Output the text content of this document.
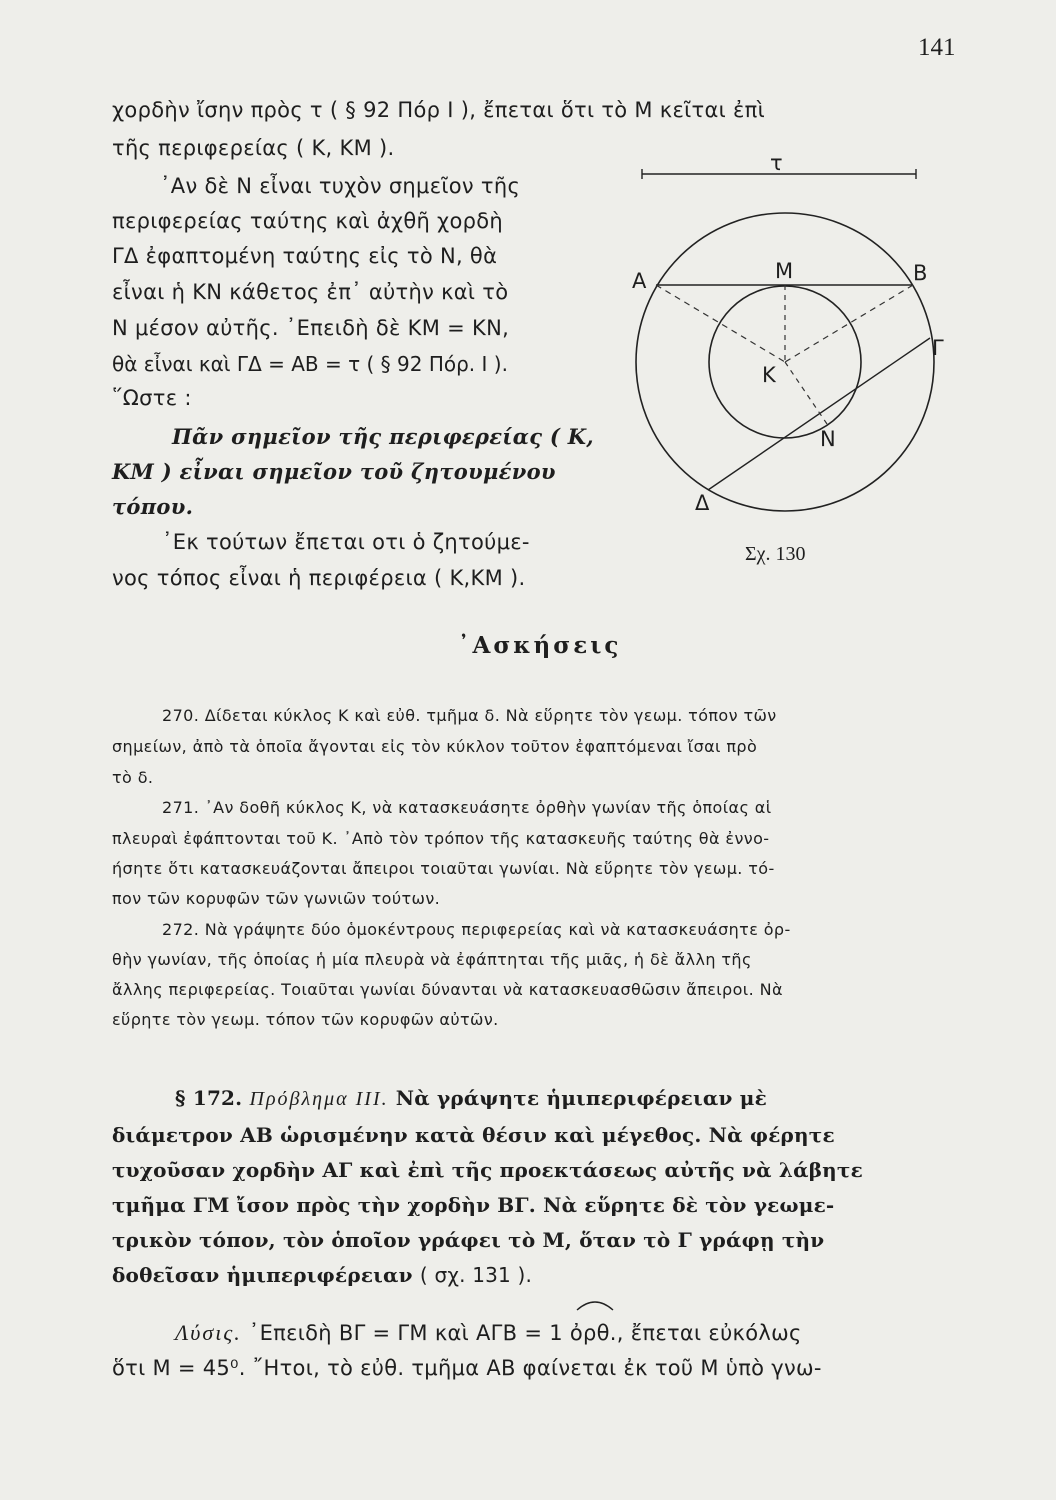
141
χορδὴν ἴσην πρὸς τ ( § 92 Πόρ Ι ), ἔπεται ὅτι τὸ Μ κεῖται ἐπὶ
τῆς περιφερείας ( Κ, ΚΜ ).
᾿Αν δὲ Ν εἶναι τυχὸν σημεῖον τῆς
περιφερείας ταύτης καὶ ἀχθῆ χορδὴ
ΓΔ ἐφαπτομένη ταύτης εἰς τὸ Ν, θὰ
εἶναι ἡ ΚΝ κάθετος ἐπ᾿ αὐτὴν καὶ τὸ
Ν μέσον αὐτῆς. ᾿Επειδὴ δὲ ΚΜ = ΚΝ,
θὰ εἶναι καὶ ΓΔ = ΑΒ = τ ( § 92 Πόρ. Ι ).
῞Ωστε :
Πᾶν σημεῖον τῆς περιφερείας ( Κ,
ΚΜ ) εἶναι σημεῖον τοῦ ζητουμένου
τόπου.
᾿Εκ τούτων ἔπεται οτι ὁ ζητούμε-
νος τόπος εἶναι ἡ περιφέρεια ( Κ,ΚΜ ).
τ
Α	Μ	Β
Κ
Γ
Ν
Δ
Σχ. 130
᾿Ασκήσεις
270. Δίδεται κύκλος Κ καὶ εὐθ. τμῆμα δ. Νὰ εὕρητε τὸν γεωμ. τόπον τῶν
σημείων, ἀπὸ τὰ ὁποῖα ἄγονται εἰς τὸν κύκλον τοῦτον ἐφαπτόμεναι ἴσαι πρὸ
τὸ δ.
271. ᾿Αν δοθῆ κύκλος Κ, νὰ κατασκευάσητε ὀρθὴν γωνίαν τῆς ὁποίας αἱ
πλευραὶ ἐφάπτονται τοῦ Κ. ᾿Απὸ τὸν τρόπον τῆς κατασκευῆς ταύτης θὰ ἐννο-
ήσητε ὅτι κατασκευάζονται ἄπειροι τοιαῦται γωνίαι. Νὰ εὕρητε τὸν γεωμ. τό-
πον τῶν κορυφῶν τῶν γωνιῶν τούτων.
272. Νὰ γράψητε δύο ὁμοκέντρους περιφερείας καὶ νὰ κατασκευάσητε ὀρ-
θὴν γωνίαν, τῆς ὁποίας ἡ μία πλευρὰ νὰ ἐφάπτηται τῆς μιᾶς, ἡ δὲ ἄλλη τῆς
ἄλλης περιφερείας. Τοιαῦται γωνίαι δύνανται νὰ κατασκευασθῶσιν ἄπειροι. Νὰ
εὕρητε τὸν γεωμ. τόπον τῶν κορυφῶν αὐτῶν.
§ 172. Πρόβλημα ΙΙΙ. Νὰ γράψητε ἡμιπεριφέρειαν μὲ
διάμετρον ΑΒ ὡρισμένην κατὰ θέσιν καὶ μέγεθος. Νὰ φέρητε
τυχοῦσαν χορδὴν ΑΓ καὶ ἐπὶ τῆς προεκτάσεως αὐτῆς νὰ λάβητε
τμῆμα ΓΜ ἴσον πρὸς τὴν χορδὴν ΒΓ. Νὰ εὕρητε δὲ τὸν γεωμε-
τρικὸν τόπον, τὸν ὁποῖον γράφει τὸ Μ, ὅταν τὸ Γ γράφῃ τὴν
δοθεῖσαν ἡμιπεριφέρειαν ( σχ. 131 ).
Λύσις. ᾿Επειδὴ ΒΓ = ΓΜ καὶ ΑΓΒ = 1 ὀρθ., ἔπεται εὐκόλως
ὅτι Μ = 45⁰. ῎Ητοι, τὸ εὐθ. τμῆμα ΑΒ φαίνεται ἐκ τοῦ Μ ὑπὸ γνω-
